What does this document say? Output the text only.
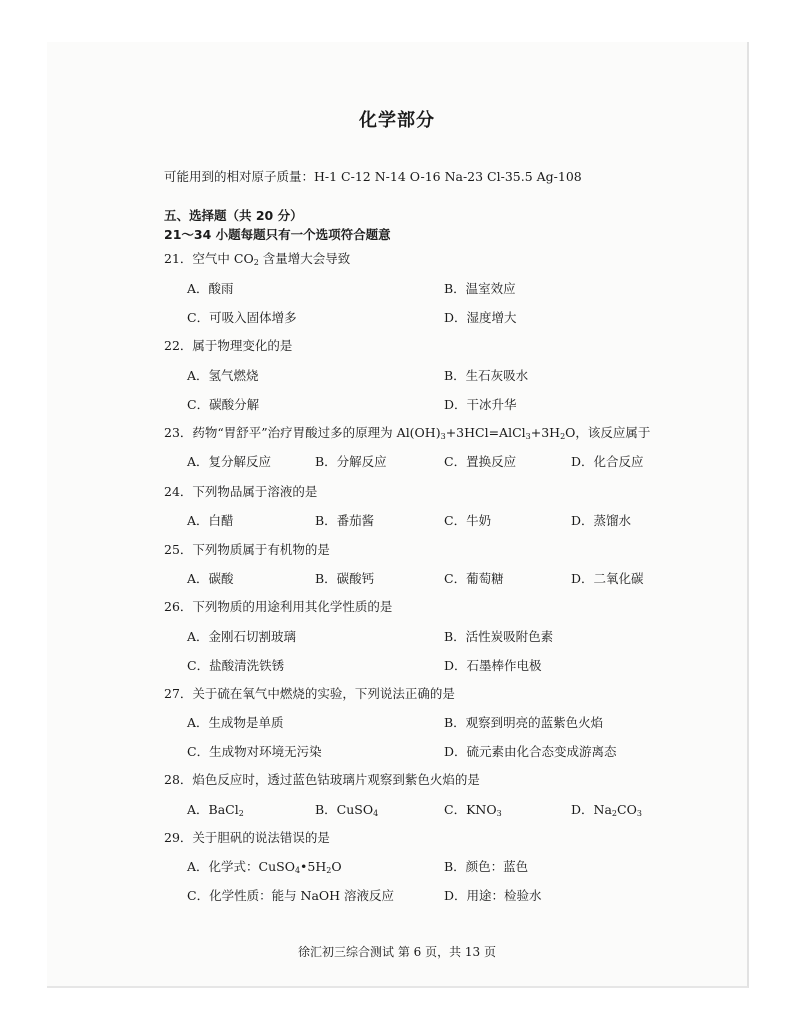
化学部分
可能用到的相对原子质量：H-1 C-12 N-14 O-16 Na-23 Cl-35.5 Ag-108
五、选择题（共 20 分）
21～34 小题每题只有一个选项符合题意
21．空气中 $CO_2$ 含量增大会导致
A．酸雨	B．温室效应
C．可吸入固体增多	D．湿度增大
22．属于物理变化的是
A．氢气燃烧	B．生石灰吸水
C．碳酸分解	D．干冰升华
23．药物“胃舒平”治疗胃酸过多的原理为 $Al(OH)_3+3HCl=AlCl_3+3H_2O$，该反应属于
A．复分解反应	B．分解反应	C．置换反应	D．化合反应
24．下列物品属于溶液的是
A．白醋	B．番茄酱	C．牛奶	D．蒸馏水
25．下列物质属于有机物的是
A．碳酸	B．碳酸钙	C．葡萄糖	D．二氧化碳
26．下列物质的用途利用其化学性质的是
A．金刚石切割玻璃	B．活性炭吸附色素
C．盐酸清洗铁锈	D．石墨棒作电极
27．关于硫在氧气中燃烧的实验，下列说法正确的是
A．生成物是单质	B．观察到明亮的蓝紫色火焰
C．生成物对环境无污染	D．硫元素由化合态变成游离态
28．焰色反应时，透过蓝色钴玻璃片观察到紫色火焰的是
A．BaCl$_2$	B．CuSO$_4$	C．$KNO_3$	D．$Na_2CO_3$
29．关于胆矾的说法错误的是
A．化学式：$CuSO_4•5H_2O$	B．颜色：蓝色
C．化学性质：能与 NaOH 溶液反应	D．用途：检验水
徐汇初三综合测试 第 6 页，共 13 页
